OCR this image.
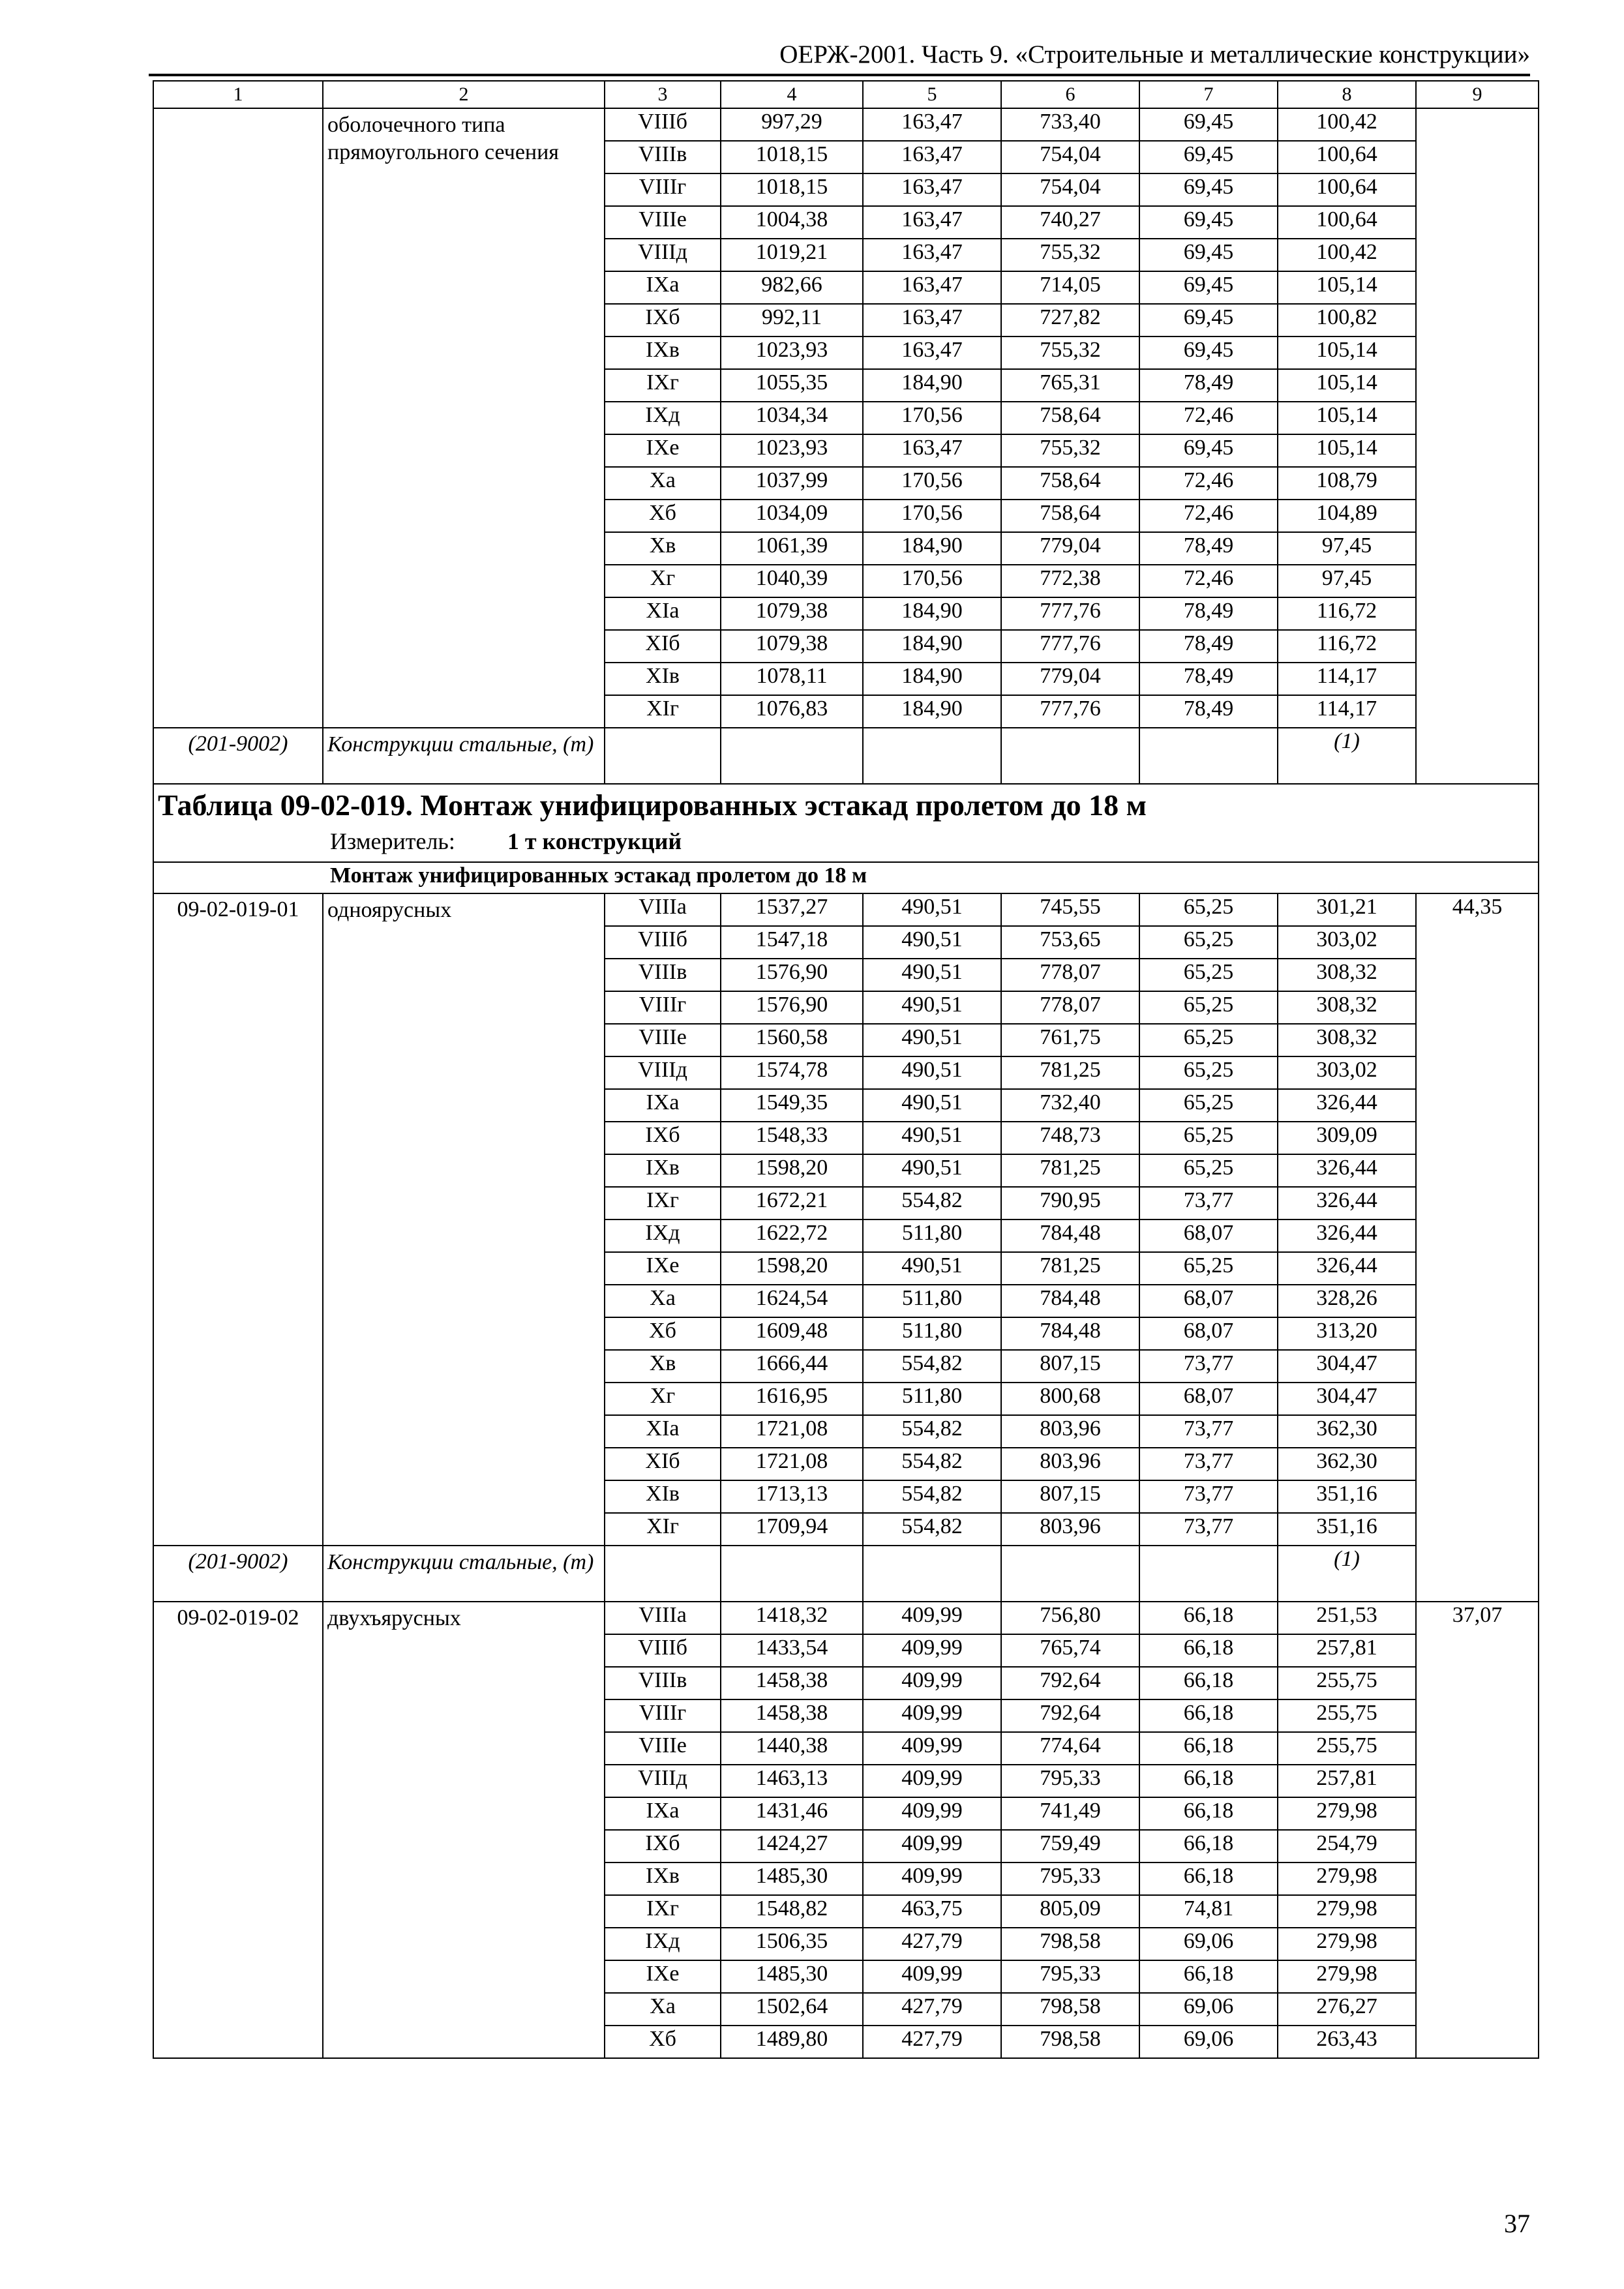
ОЕРЖ-2001. Часть 9. «Строительные и металлические конструкции»
1	2	3	4	5	6	7	8	9
	оболочечного типа прямоугольного сечения	VIIIб	997,29	163,47	733,40	69,45	100,42	
		VIIIв	1018,15	163,47	754,04	69,45	100,64	
		VIIIг	1018,15	163,47	754,04	69,45	100,64	
		VIIIе	1004,38	163,47	740,27	69,45	100,64	
		VIIIд	1019,21	163,47	755,32	69,45	100,42	
		IXа	982,66	163,47	714,05	69,45	105,14	
		IXб	992,11	163,47	727,82	69,45	100,82	
		IXв	1023,93	163,47	755,32	69,45	105,14	
		IXг	1055,35	184,90	765,31	78,49	105,14	
		IXд	1034,34	170,56	758,64	72,46	105,14	
		IXе	1023,93	163,47	755,32	69,45	105,14	
		Xа	1037,99	170,56	758,64	72,46	108,79	
		Xб	1034,09	170,56	758,64	72,46	104,89	
		Xв	1061,39	184,90	779,04	78,49	97,45	
		Xг	1040,39	170,56	772,38	72,46	97,45	
		XIа	1079,38	184,90	777,76	78,49	116,72	
		XIб	1079,38	184,90	777,76	78,49	116,72	
		XIв	1078,11	184,90	779,04	78,49	114,17	
		XIг	1076,83	184,90	777,76	78,49	114,17	
(201-9002)	Конструкции стальные, (т)						(1)	

Таблица 09-02-019. Монтаж унифицированных эстакад пролетом до 18 м
Измеритель: 1 т конструкций								

Монтаж унифицированных эстакад пролетом до 18 м								
09-02-019-01	одноярусных	VIIIа	1537,27	490,51	745,55	65,25	301,21	44,35
		VIIIб	1547,18	490,51	753,65	65,25	303,02	
		VIIIв	1576,90	490,51	778,07	65,25	308,32	
		VIIIг	1576,90	490,51	778,07	65,25	308,32	
		VIIIе	1560,58	490,51	761,75	65,25	308,32	
		VIIIд	1574,78	490,51	781,25	65,25	303,02	
		IXа	1549,35	490,51	732,40	65,25	326,44	
		IXб	1548,33	490,51	748,73	65,25	309,09	
		IXв	1598,20	490,51	781,25	65,25	326,44	
		IXг	1672,21	554,82	790,95	73,77	326,44	
		IXд	1622,72	511,80	784,48	68,07	326,44	
		IXе	1598,20	490,51	781,25	65,25	326,44	
		Xа	1624,54	511,80	784,48	68,07	328,26	
		Xб	1609,48	511,80	784,48	68,07	313,20	
		Xв	1666,44	554,82	807,15	73,77	304,47	
		Xг	1616,95	511,80	800,68	68,07	304,47	
		XIа	1721,08	554,82	803,96	73,77	362,30	
		XIб	1721,08	554,82	803,96	73,77	362,30	
		XIв	1713,13	554,82	807,15	73,77	351,16	
		XIг	1709,94	554,82	803,96	73,77	351,16	
(201-9002)	Конструкции стальные, (т)						(1)	
09-02-019-02	двухъярусных	VIIIа	1418,32	409,99	756,80	66,18	251,53	37,07
		VIIIб	1433,54	409,99	765,74	66,18	257,81	
		VIIIв	1458,38	409,99	792,64	66,18	255,75	
		VIIIг	1458,38	409,99	792,64	66,18	255,75	
		VIIIе	1440,38	409,99	774,64	66,18	255,75	
		VIIIд	1463,13	409,99	795,33	66,18	257,81	
		IXа	1431,46	409,99	741,49	66,18	279,98	
		IXб	1424,27	409,99	759,49	66,18	254,79	
		IXв	1485,30	409,99	795,33	66,18	279,98	
		IXг	1548,82	463,75	805,09	74,81	279,98	
		IXд	1506,35	427,79	798,58	69,06	279,98	
		IXе	1485,30	409,99	795,33	66,18	279,98	
		Xа	1502,64	427,79	798,58	69,06	276,27	
		Xб	1489,80	427,79	798,58	69,06	263,43	
37
